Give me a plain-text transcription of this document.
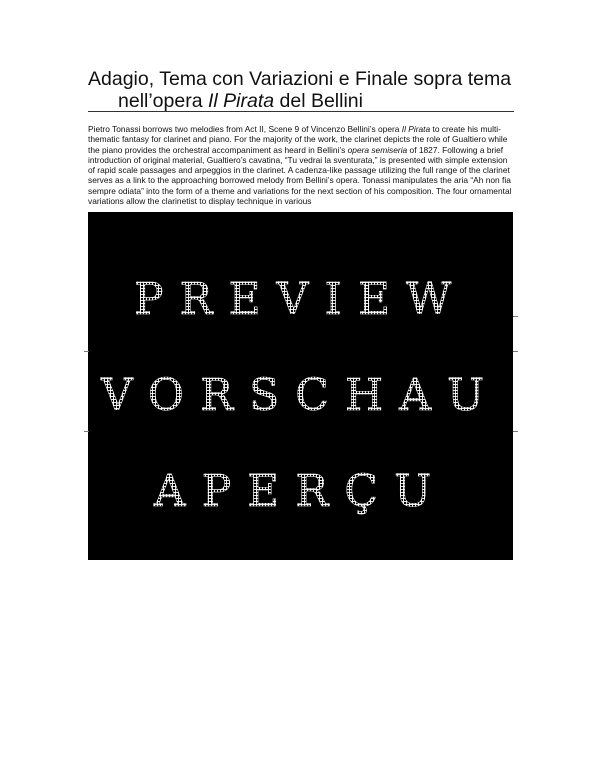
Adagio, Tema con Variazioni e Finale sopra tema
nell’opera Il Pirata del Bellini

Pietro Tonassi borrows two melodies from Act II, Scene 9 of Vincenzo Bellini’s opera Il Pirata to create his multi-thematic fantasy for clarinet and piano. For the majority of the work, the clarinet depicts the role of Gualtiero while the piano provides the orchestral accompaniment as heard in Bellini’s opera semiseria of 1827. Following a brief introduction of original material, Gualtiero’s cavatina, “Tu vedrai la sventurata,” is presented with simple extension of rapid scale passages and arpeggios in the clarinet. A cadenza-like passage utilizing the full range of the clarinet serves as a link to the approaching borrowed melody from Bellini’s opera. Tonassi manipulates the aria “Ah non fia sempre odiata” into the form of a theme and variations for the next section of his composition. The four ornamental variations allow the clarinetist to display technique in various

PREVIEW
VORSCHAU
APERÇU
